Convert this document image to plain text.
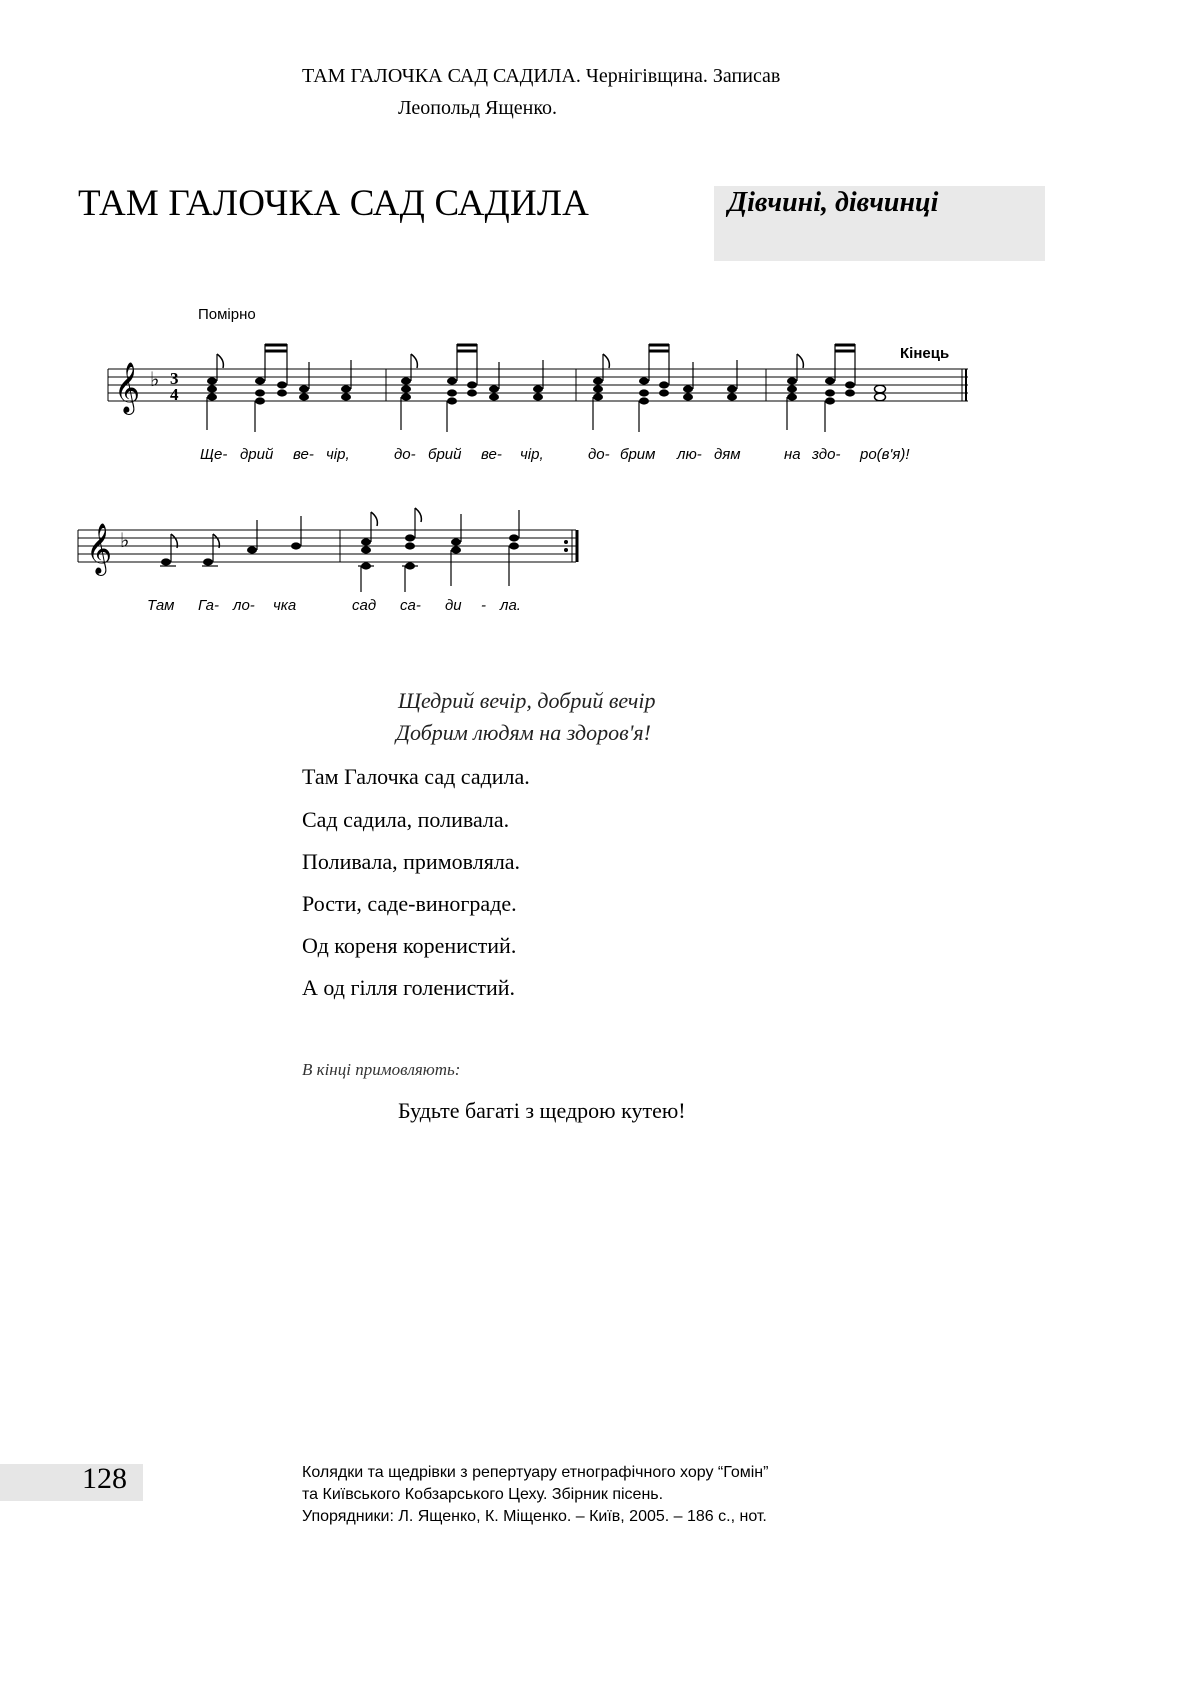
ТАМ ГАЛОЧКА САД САДИЛА. Чернігівщина. Записав
Леопольд Ященко.
ТАМ ГАЛОЧКА САД САДИЛА	Дівчині, дівчинці
Помірно
Кінець
𝄞 ♭ 3
4
𝄞 ♭
Ще- дрий ве- чір,	до- брий ве- чір,	до- брим лю- дям	на здо- ро(в'я)!
Там Га- ло- чка	сад са- ди - ла.
Щедрий вечір, добрий вечір
Добрим людям на здоров'я!
Там Галочка сад садила.
Сад садила, поливала.
Поливала, примовляла.
Рости, саде-винограде.
Од кореня коренистий.
А од гілля голенистий.
В кінці примовляють:
Будьте багаті з щедрою кутею!
128	Колядки та щедрівки з репертуару етнографічного хору “Гомін”
та Київського Кобзарського Цеху. Збірник пісень.
Упорядники: Л. Ященко, К. Міщенко. – Київ, 2005. – 186 с., нот.
